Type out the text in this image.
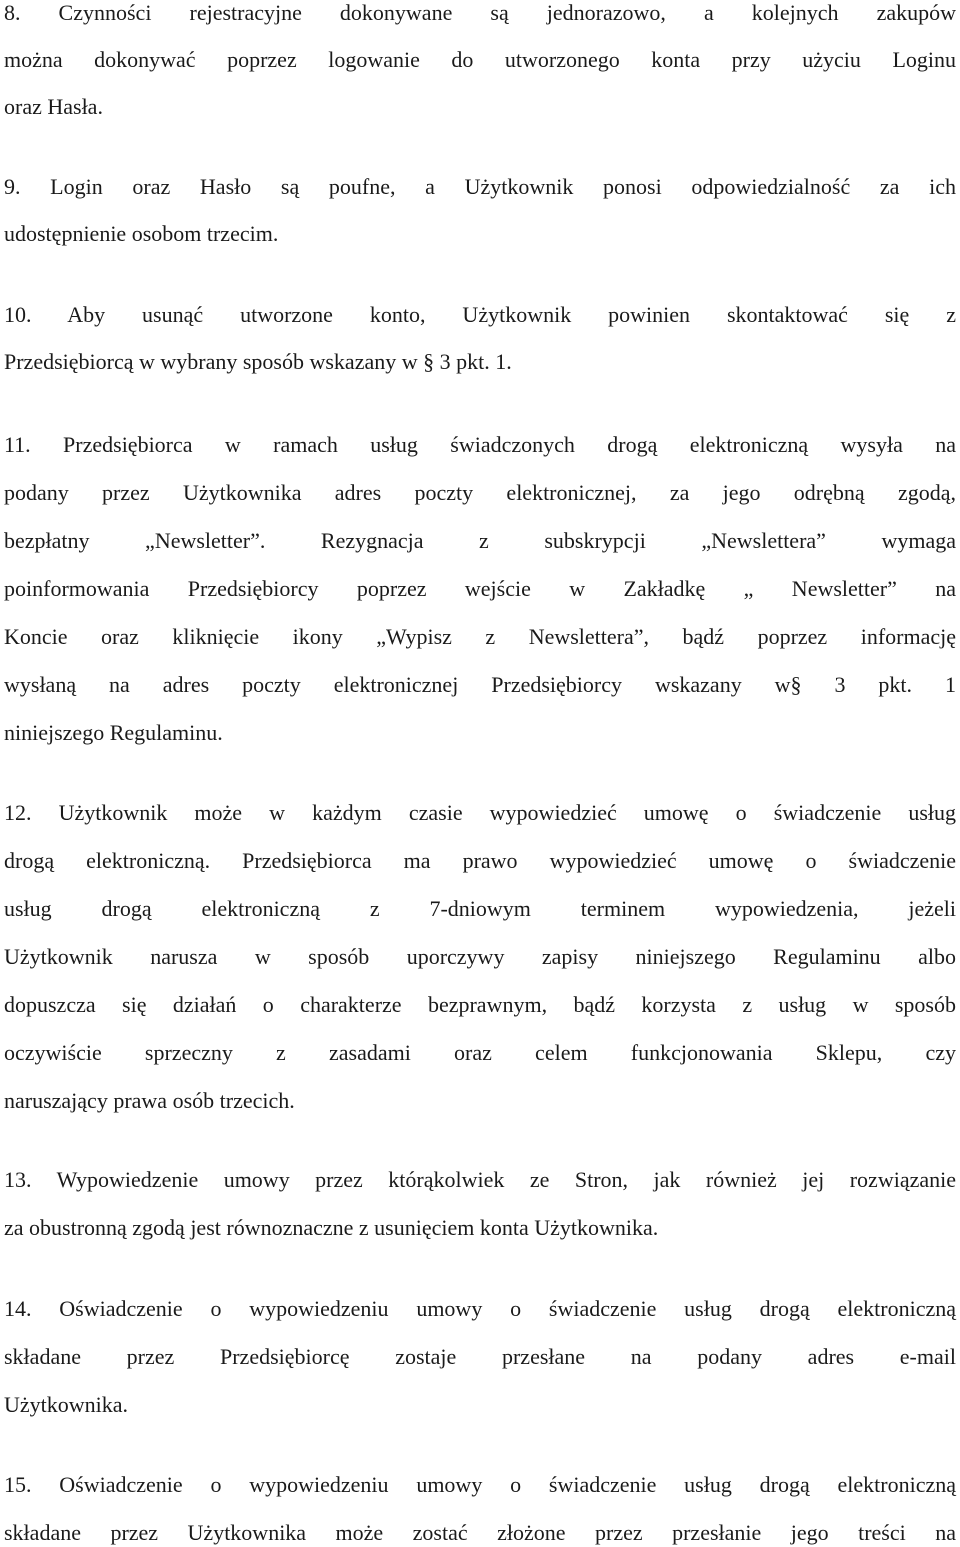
8. Czynności rejestracyjne dokonywane są jednorazowo, a kolejnych zakupów
można dokonywać poprzez logowanie do utworzonego konta przy użyciu Loginu
oraz Hasła.
9. Login oraz Hasło są poufne, a Użytkownik ponosi odpowiedzialność za ich
udostępnienie osobom trzecim.
10. Aby usunąć utworzone konto, Użytkownik powinien skontaktować się z
Przedsiębiorcą w wybrany sposób wskazany w § 3 pkt. 1.
11. Przedsiębiorca w ramach usług świadczonych drogą elektroniczną wysyła na
podany przez Użytkownika adres poczty elektronicznej, za jego odrębną zgodą,
bezpłatny „Newsletter”. Rezygnacja z subskrypcji „Newslettera” wymaga
poinformowania Przedsiębiorcy poprzez wejście w Zakładkę „ Newsletter” na
Koncie oraz kliknięcie ikony „Wypisz z Newslettera”, bądź poprzez informację
wysłaną na adres poczty elektronicznej Przedsiębiorcy wskazany w§ 3 pkt. 1
niniejszego Regulaminu.
12. Użytkownik może w każdym czasie wypowiedzieć umowę o świadczenie usług
drogą elektroniczną. Przedsiębiorca ma prawo wypowiedzieć umowę o świadczenie
usług drogą elektroniczną z 7-dniowym terminem wypowiedzenia, jeżeli
Użytkownik narusza w sposób uporczywy zapisy niniejszego Regulaminu albo
dopuszcza się działań o charakterze bezprawnym, bądź korzysta z usług w sposób
oczywiście sprzeczny z zasadami oraz celem funkcjonowania Sklepu, czy
naruszający prawa osób trzecich.
13. Wypowiedzenie umowy przez którąkolwiek ze Stron, jak również jej rozwiązanie
za obustronną zgodą jest równoznaczne z usunięciem konta Użytkownika.
14. Oświadczenie o wypowiedzeniu umowy o świadczenie usług drogą elektroniczną
składane przez Przedsiębiorcę zostaje przesłane na podany adres e-mail
Użytkownika.
15. Oświadczenie o wypowiedzeniu umowy o świadczenie usług drogą elektroniczną
składane przez Użytkownika może zostać złożone przez przesłanie jego treści na
